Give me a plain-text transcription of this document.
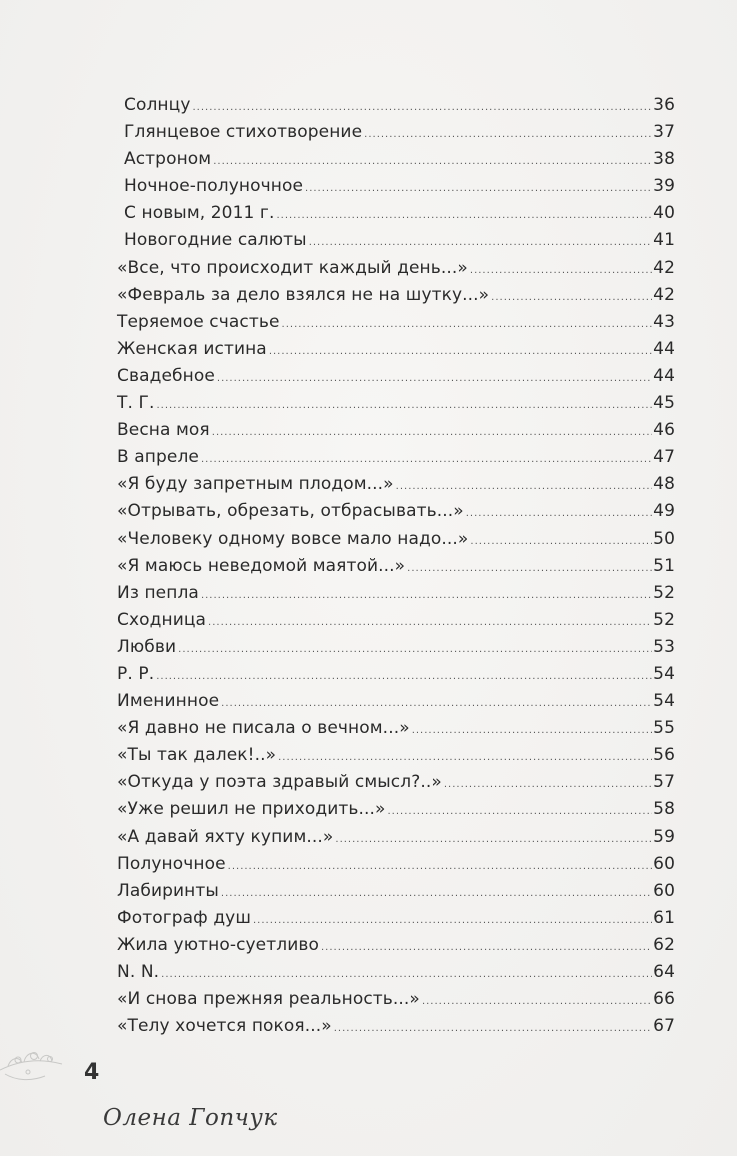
Солнцу .....	36
Глянцевое стихотворение .....	37
Астроном .....	38
Ночное-полуночное .....	39
С новым, 2011 г. .....	40
Новогодние салюты .....	41
«Все, что происходит каждый день...» .....	42
«Февраль за дело взялся не на шутку...» .....	42
Теряемое счастье .....	43
Женская истина .....	44
Свадебное .....	44
Т. Г. .....	45
Весна моя .....	46
В апреле .....	47
«Я буду запретным плодом...» .....	48
«Отрывать, обрезать, отбрасывать...» .....	49
«Человеку одному вовсе мало надо...» .....	50
«Я маюсь неведомой маятой...» .....	51
Из пепла .....	52
Сходница .....	52
Любви .....	53
Р. Р. .....	54
Именинное .....	54
«Я давно не писала о вечном...» .....	55
«Ты так далек!..» .....	56
«Откуда у поэта здравый смысл?..» .....	57
«Уже решил не приходить...» .....	58
«А давай яхту купим...» .....	59
Полуночное .....	60
Лабиринты .....	60
Фотограф душ .....	61
Жила уютно-суетливо .....	62
N. N. .....	64
«И снова прежняя реальность...» .....	66
«Телу хочется покоя...» .....	67
4
Олена Гопчук
